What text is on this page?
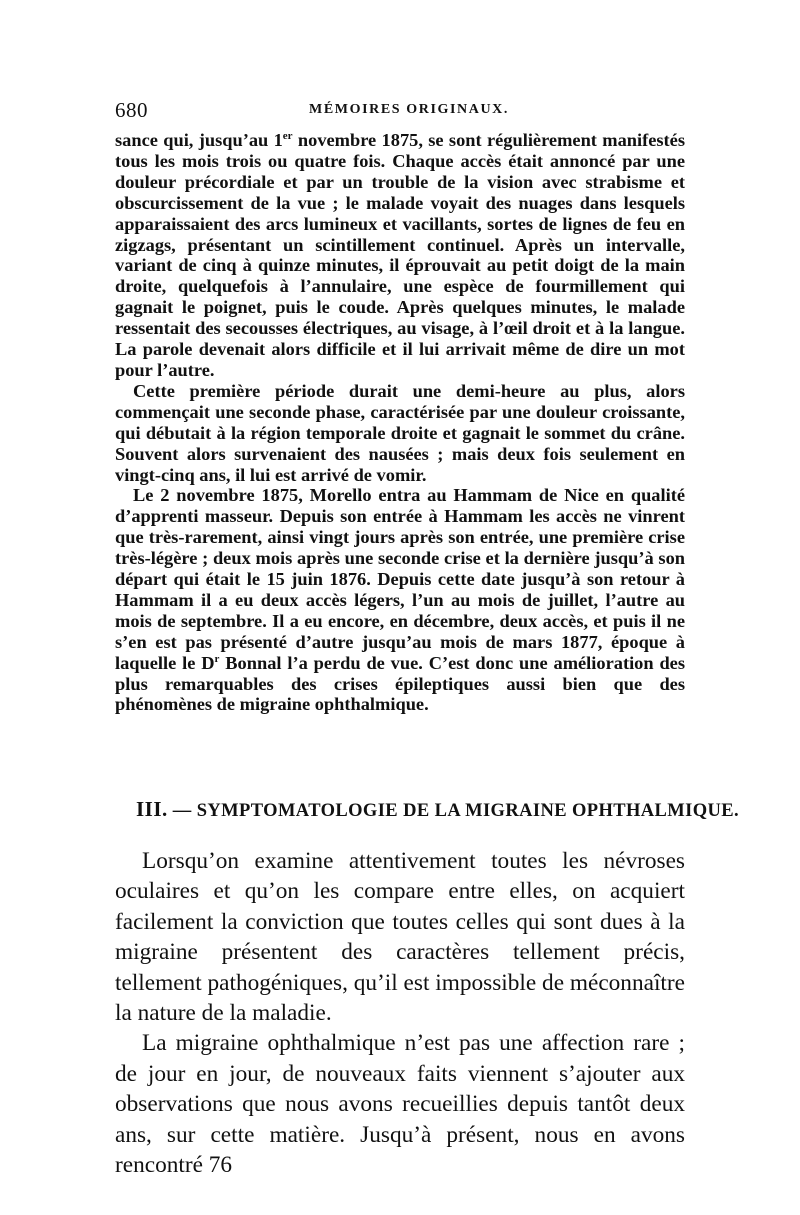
680	MÉMOIRES ORIGINAUX.

sance qui, jusqu’au 1er novembre 1875, se sont régulièrement manifestés tous les mois trois ou quatre fois. Chaque accès était annoncé par une douleur précordiale et par un trouble de la vision avec strabisme et obscurcissement de la vue ; le malade voyait des nuages dans lesquels apparaissaient des arcs lumineux et vacillants, sortes de lignes de feu en zigzags, présentant un scintillement continuel. Après un intervalle, variant de cinq à quinze minutes, il éprouvait au petit doigt de la main droite, quelquefois à l’annulaire, une espèce de fourmillement qui gagnait le poignet, puis le coude. Après quelques minutes, le malade ressentait des secousses électriques, au visage, à l’œil droit et à la langue. La parole devenait alors difficile et il lui arrivait même de dire un mot pour l’autre.

Cette première période durait une demi-heure au plus, alors commençait une seconde phase, caractérisée par une douleur croissante, qui débutait à la région temporale droite et gagnait le sommet du crâne. Souvent alors survenaient des nausées ; mais deux fois seulement en vingt-cinq ans, il lui est arrivé de vomir.

Le 2 novembre 1875, Morello entra au Hammam de Nice en qualité d’apprenti masseur. Depuis son entrée à Hammam les accès ne vinrent que très-rarement, ainsi vingt jours après son entrée, une première crise très-légère ; deux mois après une seconde crise et la dernière jusqu’à son départ qui était le 15 juin 1876. Depuis cette date jusqu’à son retour à Hammam il a eu deux accès légers, l’un au mois de juillet, l’autre au mois de septembre. Il a eu encore, en décembre, deux accès, et puis il ne s’en est pas présenté d’autre jusqu’au mois de mars 1877, époque à laquelle le $D^r$ Bonnal l’a perdu de vue. C’est donc une amélioration des plus remarquables des crises épileptiques aussi bien que des phénomènes de migraine ophthalmique.

III. — SYMPTOMATOLOGIE DE LA MIGRAINE OPHTHALMIQUE.

Lorsqu’on examine attentivement toutes les névroses oculaires et qu’on les compare entre elles, on acquiert facilement la conviction que toutes celles qui sont dues à la migraine présentent des caractères tellement précis, tellement pathogéniques, qu’il est impossible de méconnaître la nature de la maladie.

La migraine ophthalmique n’est pas une affection rare ; de jour en jour, de nouveaux faits viennent s’ajouter aux observations que nous avons recueillies depuis tantôt deux ans, sur cette matière. Jusqu’à présent, nous en avons rencontré 76
